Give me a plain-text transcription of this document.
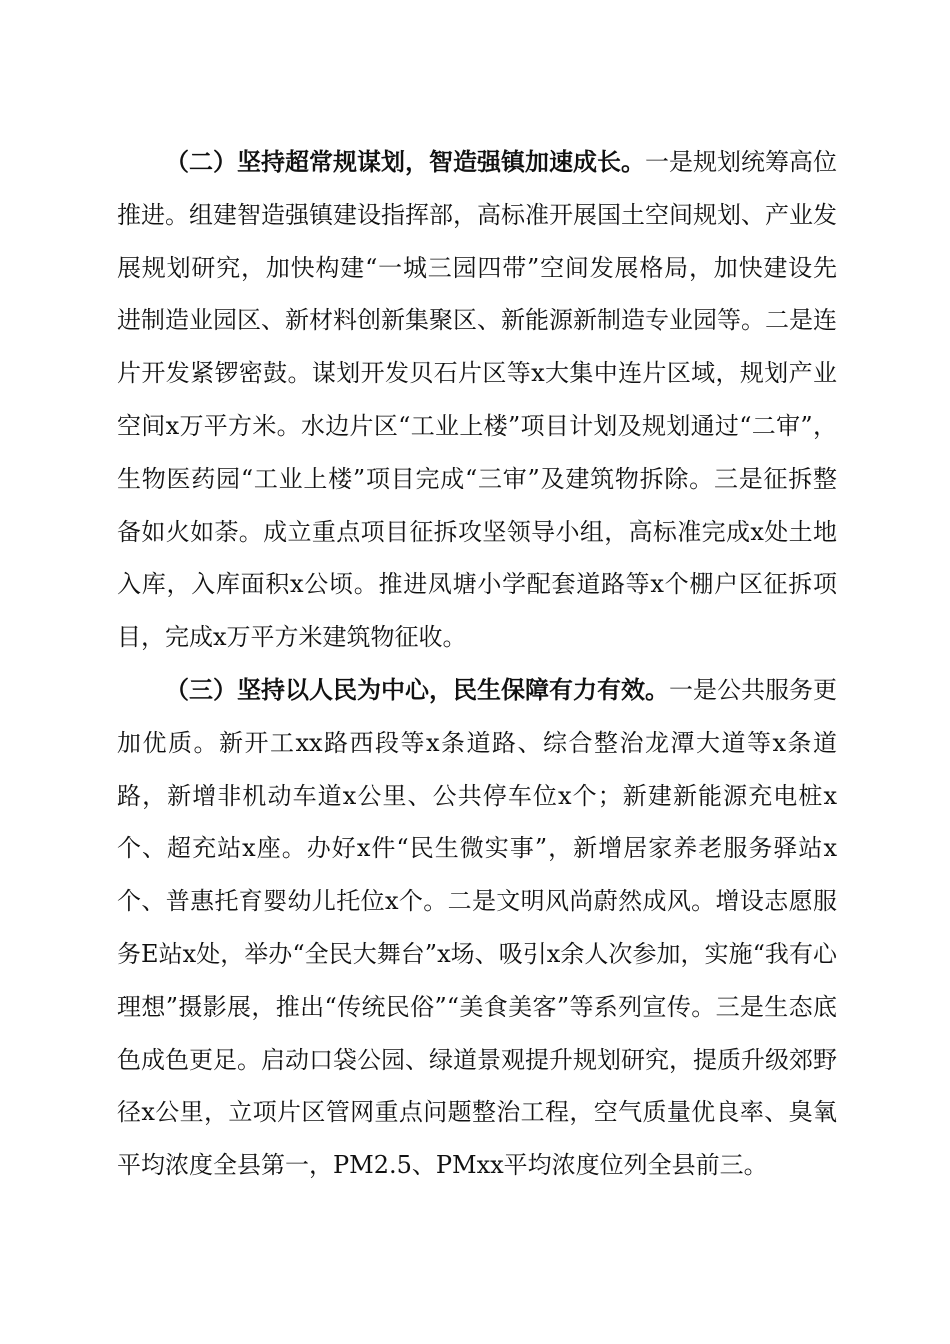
（二）坚持超常规谋划，智造强镇加速成长。一是规划统筹高位推进。组建智造强镇建设指挥部，高标准开展国土空间规划、产业发展规划研究，加快构建“一城三园四带”空间发展格局，加快建设先进制造业园区、新材料创新集聚区、新能源新制造专业园等。二是连片开发紧锣密鼓。谋划开发贝石片区等x大集中连片区域，规划产业空间x万平方米。水边片区“工业上楼”项目计划及规划通过“二审”，生物医药园“工业上楼”项目完成“三审”及建筑物拆除。三是征拆整备如火如荼。成立重点项目征拆攻坚领导小组，高标准完成x处土地入库，入库面积x公顷。推进凤塘小学配套道路等x个棚户区征拆项目，完成x万平方米建筑物征收。

（三）坚持以人民为中心，民生保障有力有效。一是公共服务更加优质。新开工xx路西段等x条道路、综合整治龙潭大道等x条道路，新增非机动车道x公里、公共停车位x个；新建新能源充电桩x个、超充站x座。办好x件“民生微实事”，新增居家养老服务驿站x个、普惠托育婴幼儿托位x个。二是文明风尚蔚然成风。增设志愿服务E站x处，举办“全民大舞台”x场、吸引x余人次参加，实施“我有心理想”摄影展，推出“传统民俗”“美食美客”等系列宣传。三是生态底色成色更足。启动口袋公园、绿道景观提升规划研究，提质升级郊野径x公里，立项片区管网重点问题整治工程，空气质量优良率、臭氧平均浓度全县第一，PM2.5、PMxx平均浓度位列全县前三。
